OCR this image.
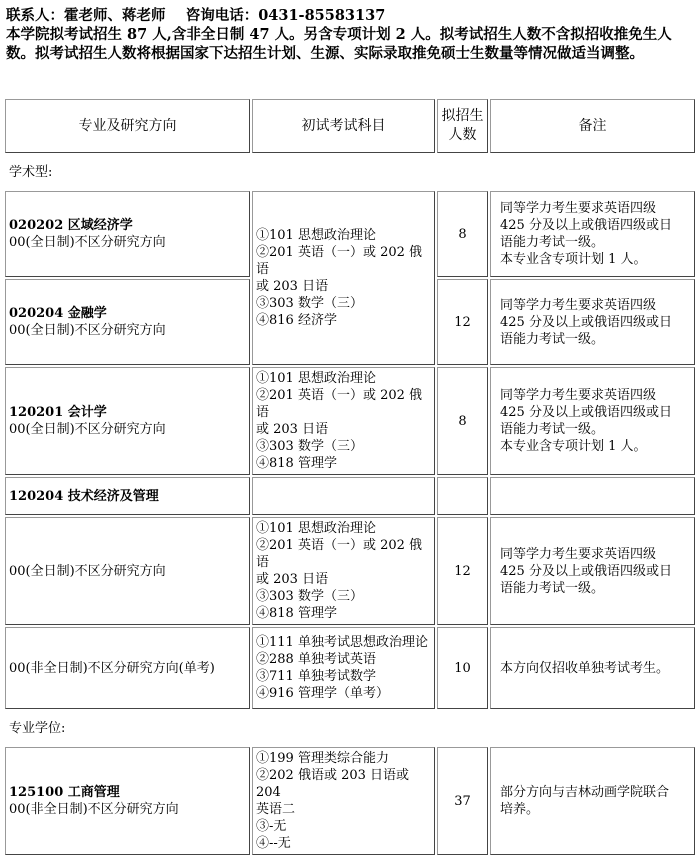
联系人：霍老师、蒋老师    咨询电话：0431-85583137

本学院拟考试招生 87 人,含非全日制 47 人。另含专项计划 2 人。拟考试招生人数不含拟招收推免生人数。拟考试招生人数将根据国家下达招生计划、生源、实际录取推免硕士生数量等情况做适当调整。

专业及研究方向	初试考试科目	拟招生人数	备注
学术型:			

020202 区域经济学
00(全日制)不区分研究方向	①101 思想政治理论
②201 英语（一）或 202 俄语
或 203 日语
③303 数学（三）
④816 经济学	8	同等学力考生要求英语四级
425 分及以上或俄语四级或日
语能力考试一级。
本专业含专项计划 1 人。

020204 金融学
00(全日制)不区分研究方向		12	同等学力考生要求英语四级
425 分及以上或俄语四级或日
语能力考试一级。

120201 会计学
00(全日制)不区分研究方向	①101 思想政治理论
②201 英语（一）或 202 俄语
或 203 日语
③303 数学（三）
④818 管理学	8	同等学力考生要求英语四级
425 分及以上或俄语四级或日
语能力考试一级。
本专业含专项计划 1 人。

120204 技术经济及管理			

00(全日制)不区分研究方向	①101 思想政治理论
②201 英语（一）或 202 俄语
或 203 日语
③303 数学（三）
④818 管理学	12	同等学力考生要求英语四级
425 分及以上或俄语四级或日
语能力考试一级。

00(非全日制)不区分研究方向(单考)	①111 单独考试思想政治理论
②288 单独考试英语
③711 单独考试数学
④916 管理学（单考）	10	本方向仅招收单独考试考生。

专业学位:			

125100 工商管理
00(非全日制)不区分研究方向	①199 管理类综合能力
②202 俄语或 203 日语或 204
英语二
③-无
④--无	37	部分方向与吉林动画学院联合
培养。
